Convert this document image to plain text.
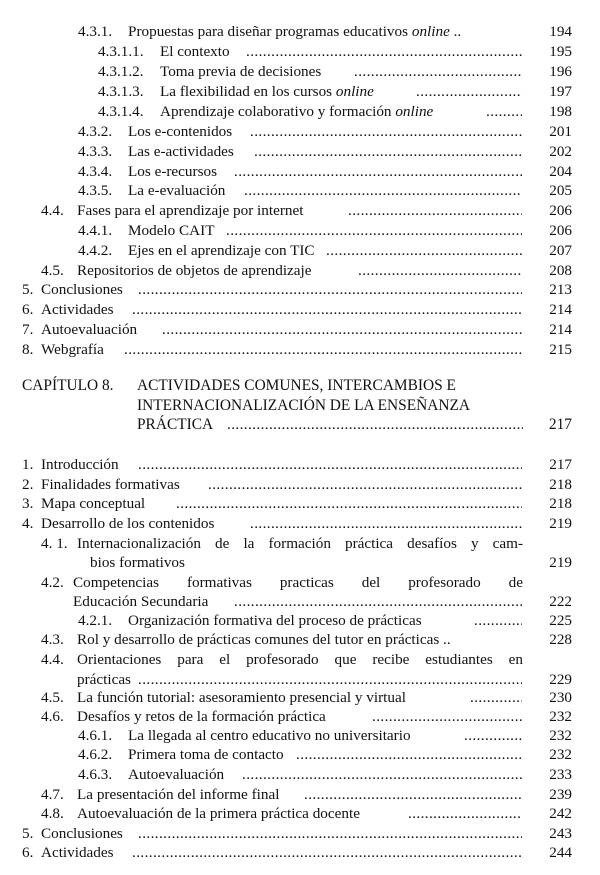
4.3.1. Propuestas para diseñar programas educativos online ..	194
4.3.1.1. El contexto .....	195
4.3.1.2. Toma previa de decisiones .....	196
4.3.1.3. La flexibilidad en los cursos online .....	197
4.3.1.4. Aprendizaje colaborativo y formación online .....	198
4.3.2. Los e-contenidos .....	201
4.3.3. Las e-actividades .....	202
4.3.4. Los e-recursos .....	204
4.3.5. La e-evaluación .....	205
4.4. Fases para el aprendizaje por internet .....	206
4.4.1. Modelo CAIT .....	206
4.4.2. Ejes en el aprendizaje con TIC .....	207
4.5. Repositorios de objetos de aprendizaje .....	208
5. Conclusiones .....	213
6. Actividades .....	214
7. Autoevaluación .....	214
8. Webgrafía .....	215
CAPÍTULO 8. ACTIVIDADES COMUNES, INTERCAMBIOS E
INTERNACIONALIZACIÓN DE LA ENSEÑANZA
PRÁCTICA .....	217
1. Introducción .....	217
2. Finalidades formativas .....	218
3. Mapa conceptual .....	218
4. Desarrollo de los contenidos .....	219
4. 1. Internacionalización de la formación práctica desafíos y cam-
bios formativos	219
4.2. Competencias formativas practicas del profesorado de
Educación Secundaria .....	222
4.2.1. Organización formativa del proceso de prácticas .....	225
4.3. Rol y desarrollo de prácticas comunes del tutor en prácticas ..	228
4.4. Orientaciones para el profesorado que recibe estudiantes en
prácticas .....	229
4.5. La función tutorial: asesoramiento presencial y virtual .....	230
4.6. Desafíos y retos de la formación práctica .....	232
4.6.1. La llegada al centro educativo no universitario .....	232
4.6.2. Primera toma de contacto .....	232
4.6.3. Autoevaluación .....	233
4.7. La presentación del informe final .....	239
4.8. Autoevaluación de la primera práctica docente .....	242
5. Conclusiones .....	243
6. Actividades .....	244
